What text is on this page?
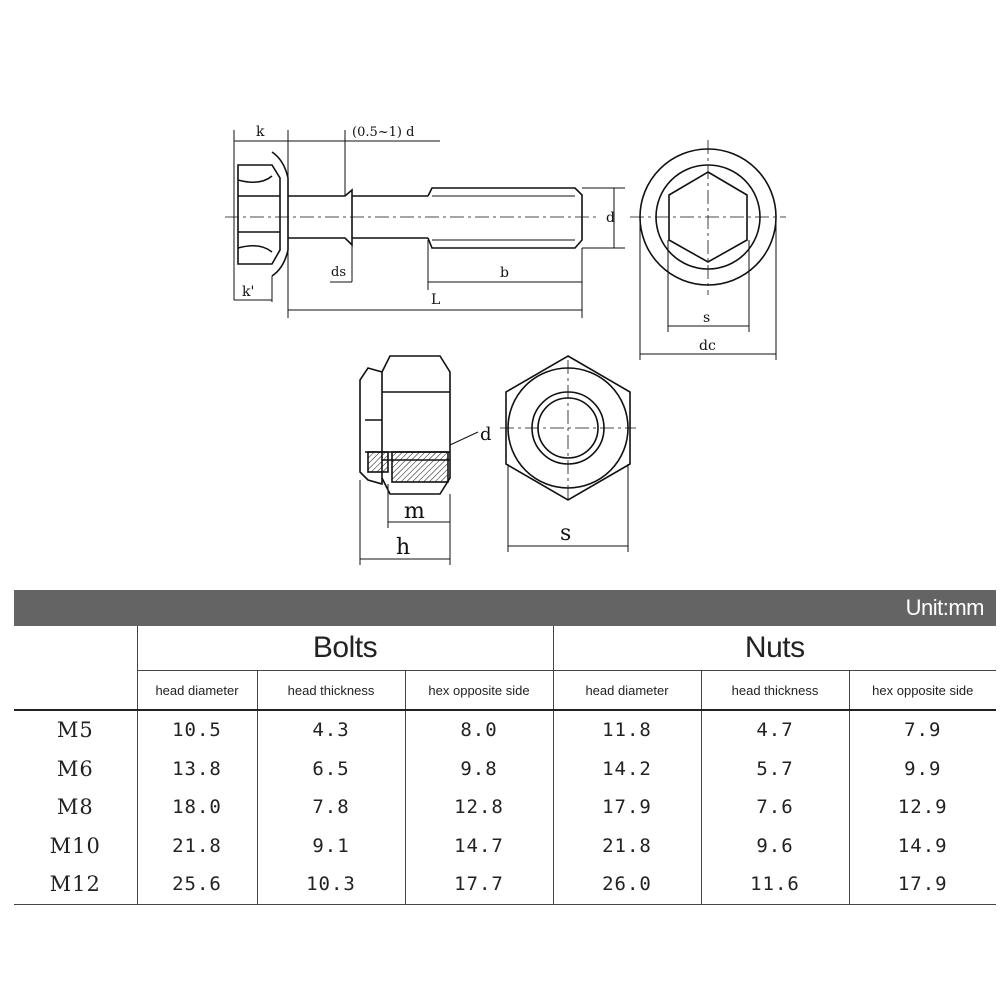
k	(0.5~1) d
d
ds	b
k'	L
s
dc
d
m
h
s
Unit:mm
	Bolts			Nuts		
	head diameter	head thickness	hex opposite side	head diameter	head thickness	hex opposite side
M5	10.5	4.3	8.0	11.8	4.7	7.9
M6	13.8	6.5	9.8	14.2	5.7	9.9
M8	18.0	7.8	12.8	17.9	7.6	12.9
M10	21.8	9.1	14.7	21.8	9.6	14.9
M12	25.6	10.3	17.7	26.0	11.6	17.9
